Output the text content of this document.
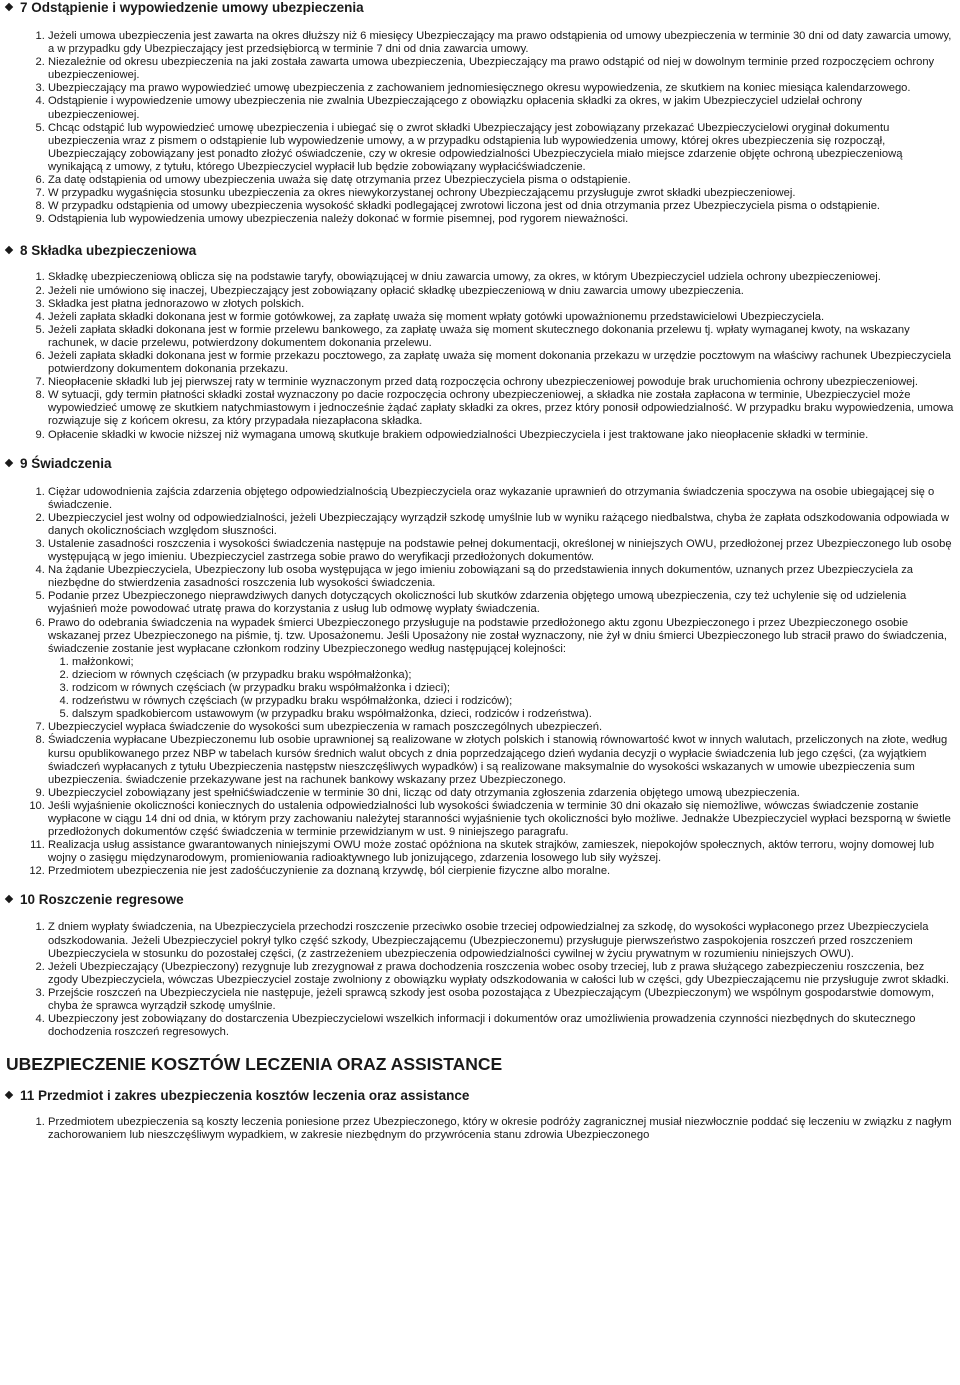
7 Odstąpienie i wypowiedzenie umowy ubezpieczenia
1. Jeżeli umowa ubezpieczenia jest zawarta na okres dłuższy niż 6 miesięcy Ubezpieczający ma prawo odstąpienia od umowy ubezpieczenia w terminie 30 dni od daty zawarcia umowy, a w przypadku gdy Ubezpieczający jest przedsiębiorcą w terminie 7 dni od dnia zawarcia umowy.
2. Niezależnie od okresu ubezpieczenia na jaki została zawarta umowa ubezpieczenia, Ubezpieczający ma prawo odstąpić od niej w dowolnym terminie przed rozpoczęciem ochrony ubezpieczeniowej.
3. Ubezpieczający ma prawo wypowiedzieć umowę ubezpieczenia z zachowaniem jednomiesięcznego okresu wypowiedzenia, ze skutkiem na koniec miesiąca kalendarzowego.
4. Odstąpienie i wypowiedzenie umowy ubezpieczenia nie zwalnia Ubezpieczającego z obowiązku opłacenia składki za okres, w jakim Ubezpieczyciel udzielał ochrony ubezpieczeniowej.
5. Chcąc odstąpić lub wypowiedzieć umowę ubezpieczenia i ubiegać się o zwrot składki Ubezpieczający jest zobowiązany przekazać Ubezpieczycielowi oryginał dokumentu ubezpieczenia wraz z pismem o odstąpienie lub wypowiedzenie umowy, a w przypadku odstąpienia lub wypowiedzenia umowy, której okres ubezpieczenia się rozpoczął, Ubezpieczający zobowiązany jest ponadto złożyć oświadczenie, czy w okresie odpowiedzialności Ubezpieczyciela miało miejsce zdarzenie objęte ochroną ubezpieczeniową wynikającą z umowy, z tytułu, którego Ubezpieczyciel wypłacił lub będzie zobowiązany wypłacićświadczenie.
6. Za datę odstąpienia od umowy ubezpieczenia uważa się datę otrzymania przez Ubezpieczyciela pisma o odstąpienie.
7. W przypadku wygaśnięcia stosunku ubezpieczenia za okres niewykorzystanej ochrony Ubezpieczającemu przysługuje zwrot składki ubezpieczeniowej.
8. W przypadku odstąpienia od umowy ubezpieczenia wysokość składki podlegającej zwrotowi liczona jest od dnia otrzymania przez Ubezpieczyciela pisma o odstąpienie.
9. Odstąpienia lub wypowiedzenia umowy ubezpieczenia należy dokonać w formie pisemnej, pod rygorem nieważności.
8 Składka ubezpieczeniowa
1. Składkę ubezpieczeniową oblicza się na podstawie taryfy, obowiązującej w dniu zawarcia umowy, za okres, w którym Ubezpieczyciel udziela ochrony ubezpieczeniowej.
2. Jeżeli nie umówiono się inaczej, Ubezpieczający jest zobowiązany opłacić składkę ubezpieczeniową w dniu zawarcia umowy ubezpieczenia.
3. Składka jest płatna jednorazowo w złotych polskich.
4. Jeżeli zapłata składki dokonana jest w formie gotówkowej, za zapłatę uważa się moment wpłaty gotówki upoważnionemu przedstawicielowi Ubezpieczyciela.
5. Jeżeli zapłata składki dokonana jest w formie przelewu bankowego, za zapłatę uważa się moment skutecznego dokonania przelewu tj. wpłaty wymaganej kwoty, na wskazany rachunek, w dacie przelewu, potwierdzony dokumentem dokonania przelewu.
6. Jeżeli zapłata składki dokonana jest w formie przekazu pocztowego, za zapłatę uważa się moment dokonania przekazu w urzędzie pocztowym na właściwy rachunek Ubezpieczyciela potwierdzony dokumentem dokonania przekazu.
7. Nieopłacenie składki lub jej pierwszej raty w terminie wyznaczonym przed datą rozpoczęcia ochrony ubezpieczeniowej powoduje brak uruchomienia ochrony ubezpieczeniowej.
8. W sytuacji, gdy termin płatności składki został wyznaczony po dacie rozpoczęcia ochrony ubezpieczeniowej, a składka nie została zapłacona w terminie, Ubezpieczyciel może wypowiedzieć umowę ze skutkiem natychmiastowym i jednocześnie żądać zapłaty składki za okres, przez który ponosił odpowiedzialność. W przypadku braku wypowiedzenia, umowa rozwiązuje się z końcem okresu, za który przypadała niezapłacona składka.
9. Opłacenie składki w kwocie niższej niż wymagana umową skutkuje brakiem odpowiedzialności Ubezpieczyciela i jest traktowane jako nieopłacenie składki w terminie.
9 Świadczenia
1. Ciężar udowodnienia zajścia zdarzenia objętego odpowiedzialnością Ubezpieczyciela oraz wykazanie uprawnień do otrzymania świadczenia spoczywa na osobie ubiegającej się o świadczenie.
2. Ubezpieczyciel jest wolny od odpowiedzialności, jeżeli Ubezpieczający wyrządził szkodę umyślnie lub w wyniku rażącego niedbalstwa, chyba że zapłata odszkodowania odpowiada w danych okolicznościach względom słuszności.
3. Ustalenie zasadności roszczenia i wysokości świadczenia następuje na podstawie pełnej dokumentacji, określonej w niniejszych OWU, przedłożonej przez Ubezpieczonego lub osobę występującą w jego imieniu. Ubezpieczyciel zastrzega sobie prawo do weryfikacji przedłożonych dokumentów.
4. Na żądanie Ubezpieczyciela, Ubezpieczony lub osoba występująca w jego imieniu zobowiązani są do przedstawienia innych dokumentów, uznanych przez Ubezpieczyciela za niezbędne do stwierdzenia zasadności roszczenia lub wysokości świadczenia.
5. Podanie przez Ubezpieczonego nieprawdziwych danych dotyczących okoliczności lub skutków zdarzenia objętego umową ubezpieczenia, czy też uchylenie się od udzielenia wyjaśnień może powodować utratę prawa do korzystania z usług lub odmowę wypłaty świadczenia.
6. Prawo do odebrania świadczenia na wypadek śmierci Ubezpieczonego przysługuje na podstawie przedłożonego aktu zgonu Ubezpieczonego i przez Ubezpieczonego osobie wskazanej przez Ubezpieczonego na piśmie, tj. tzw. Uposażonemu. Jeśli Uposażony nie został wyznaczony, nie żył w dniu śmierci Ubezpieczonego lub stracił prawo do świadczenia, świadczenie zostanie jest wypłacane członkom rodziny Ubezpieczonego według następującej kolejności:
1. małżonkowi;
2. dzieciom w równych częściach (w przypadku braku współmałżonka);
3. rodzicom w równych częściach (w przypadku braku współmałżonka i dzieci);
4. rodzeństwu w równych częściach (w przypadku braku współmałżonka, dzieci i rodziców);
5. dalszym spadkobiercom ustawowym (w przypadku braku współmałżonka, dzieci, rodziców i rodzeństwa).
7. Ubezpieczyciel wypłaca świadczenie do wysokości sum ubezpieczenia w ramach poszczególnych ubezpieczeń.
8. Świadczenia wypłacane Ubezpieczonemu lub osobie uprawnionej są realizowane w złotych polskich i stanowią równowartość kwot w innych walutach, przeliczonych na złote, według kursu opublikowanego przez NBP w tabelach kursów średnich walut obcych z dnia poprzedzającego dzień wydania decyzji o wypłacie świadczenia lub jego części, (za wyjątkiem świadczeń wypłacanych z tytułu Ubezpieczenia następstw nieszczęśliwych wypadków) i są realizowane maksymalnie do wysokości wskazanych w umowie ubezpieczenia sum ubezpieczenia. świadczenie przekazywane jest na rachunek bankowy wskazany przez Ubezpieczonego.
9. Ubezpieczyciel zobowiązany jest spełnićświadczenie w terminie 30 dni, licząc od daty otrzymania zgłoszenia zdarzenia objętego umową ubezpieczenia.
10. Jeśli wyjaśnienie okoliczności koniecznych do ustalenia odpowiedzialności lub wysokości świadczenia w terminie 30 dni okazało się niemożliwe, wówczas świadczenie zostanie wypłacone w ciągu 14 dni od dnia, w którym przy zachowaniu należytej staranności wyjaśnienie tych okoliczności było możliwe. Jednakże Ubezpieczyciel wypłaci bezsporną w świetle przedłożonych dokumentów część świadczenia w terminie przewidzianym w ust. 9 niniejszego paragrafu.
11. Realizacja usług assistance gwarantowanych niniejszymi OWU może zostać opóźniona na skutek strajków, zamieszek, niepokojów społecznych, aktów terroru, wojny domowej lub wojny o zasięgu międzynarodowym, promieniowania radioaktywnego lub jonizującego, zdarzenia losowego lub siły wyższej.
12. Przedmiotem ubezpieczenia nie jest zadośćuczynienie za doznaną krzywdę, ból cierpienie fizyczne albo moralne.
10 Roszczenie regresowe
1. Z dniem wypłaty świadczenia, na Ubezpieczyciela przechodzi roszczenie przeciwko osobie trzeciej odpowiedzialnej za szkodę, do wysokości wypłaconego przez Ubezpieczyciela odszkodowania. Jeżeli Ubezpieczyciel pokrył tylko część szkody, Ubezpieczającemu (Ubezpieczonemu) przysługuje pierwszeństwo zaspokojenia roszczeń przed roszczeniem Ubezpieczyciela w stosunku do pozostałej części, (z zastrzeżeniem ubezpieczenia odpowiedzialności cywilnej w życiu prywatnym w rozumieniu niniejszych OWU).
2. Jeżeli Ubezpieczający (Ubezpieczony) rezygnuje lub zrezygnował z prawa dochodzenia roszczenia wobec osoby trzeciej, lub z prawa służącego zabezpieczeniu roszczenia, bez zgody Ubezpieczyciela, wówczas Ubezpieczyciel zostaje zwolniony z obowiązku wypłaty odszkodowania w całości lub w części, gdy Ubezpieczającemu nie przysługuje zwrot składki.
3. Przejście roszczeń na Ubezpieczyciela nie następuje, jeżeli sprawcą szkody jest osoba pozostająca z Ubezpieczającym (Ubezpieczonym) we wspólnym gospodarstwie domowym, chyba że sprawca wyrządził szkodę umyślnie.
4. Ubezpieczony jest zobowiązany do dostarczenia Ubezpieczycielowi wszelkich informacji i dokumentów oraz umożliwienia prowadzenia czynności niezbędnych do skutecznego dochodzenia roszczeń regresowych.
UBEZPIECZENIE KOSZTÓW LECZENIA ORAZ ASSISTANCE
11 Przedmiot i zakres ubezpieczenia kosztów leczenia oraz assistance
1. Przedmiotem ubezpieczenia są koszty leczenia poniesione przez Ubezpieczonego, który w okresie podróży zagranicznej musiał niezwłocznie poddać się leczeniu w związku z nagłym zachorowaniem lub nieszczęśliwym wypadkiem, w zakresie niezbędnym do przywrócenia stanu zdrowia Ubezpieczonego
